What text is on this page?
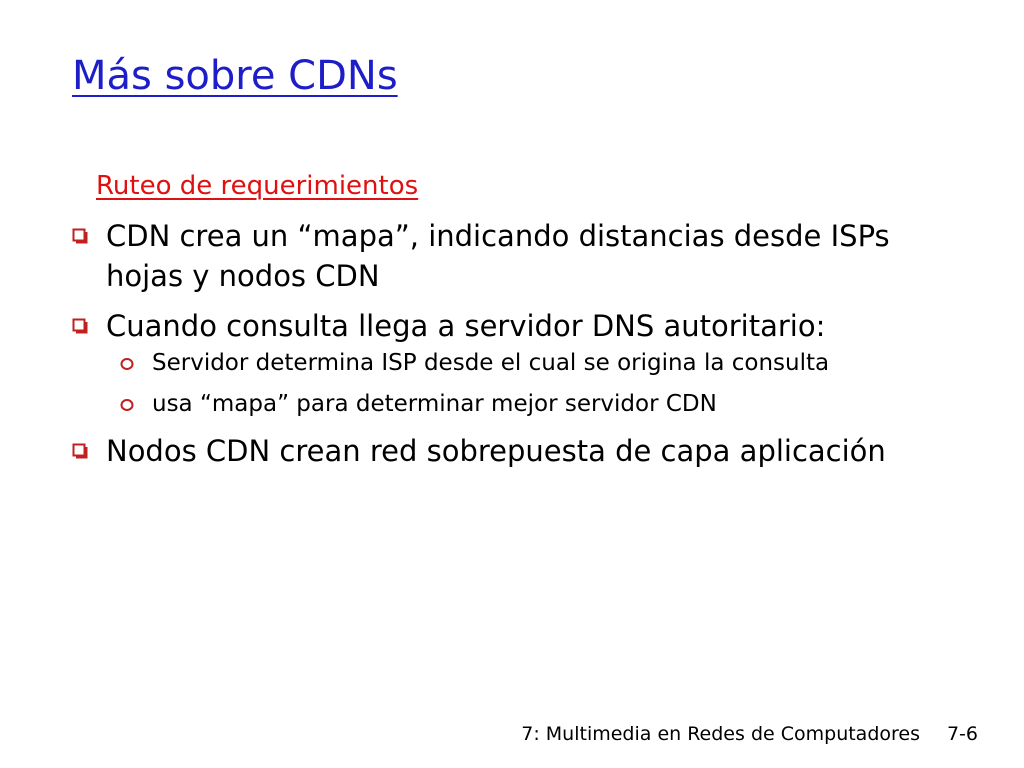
Más sobre CDNs
Ruteo de requerimientos
CDN crea un “mapa”, indicando distancias desde ISPs hojas y nodos CDN
Cuando consulta llega a servidor DNS autoritario:
Servidor determina ISP desde el cual se origina la consulta
usa “mapa” para determinar mejor servidor CDN
Nodos CDN crean red sobrepuesta de capa aplicación
7: Multimedia en Redes de Computadores 7-6
